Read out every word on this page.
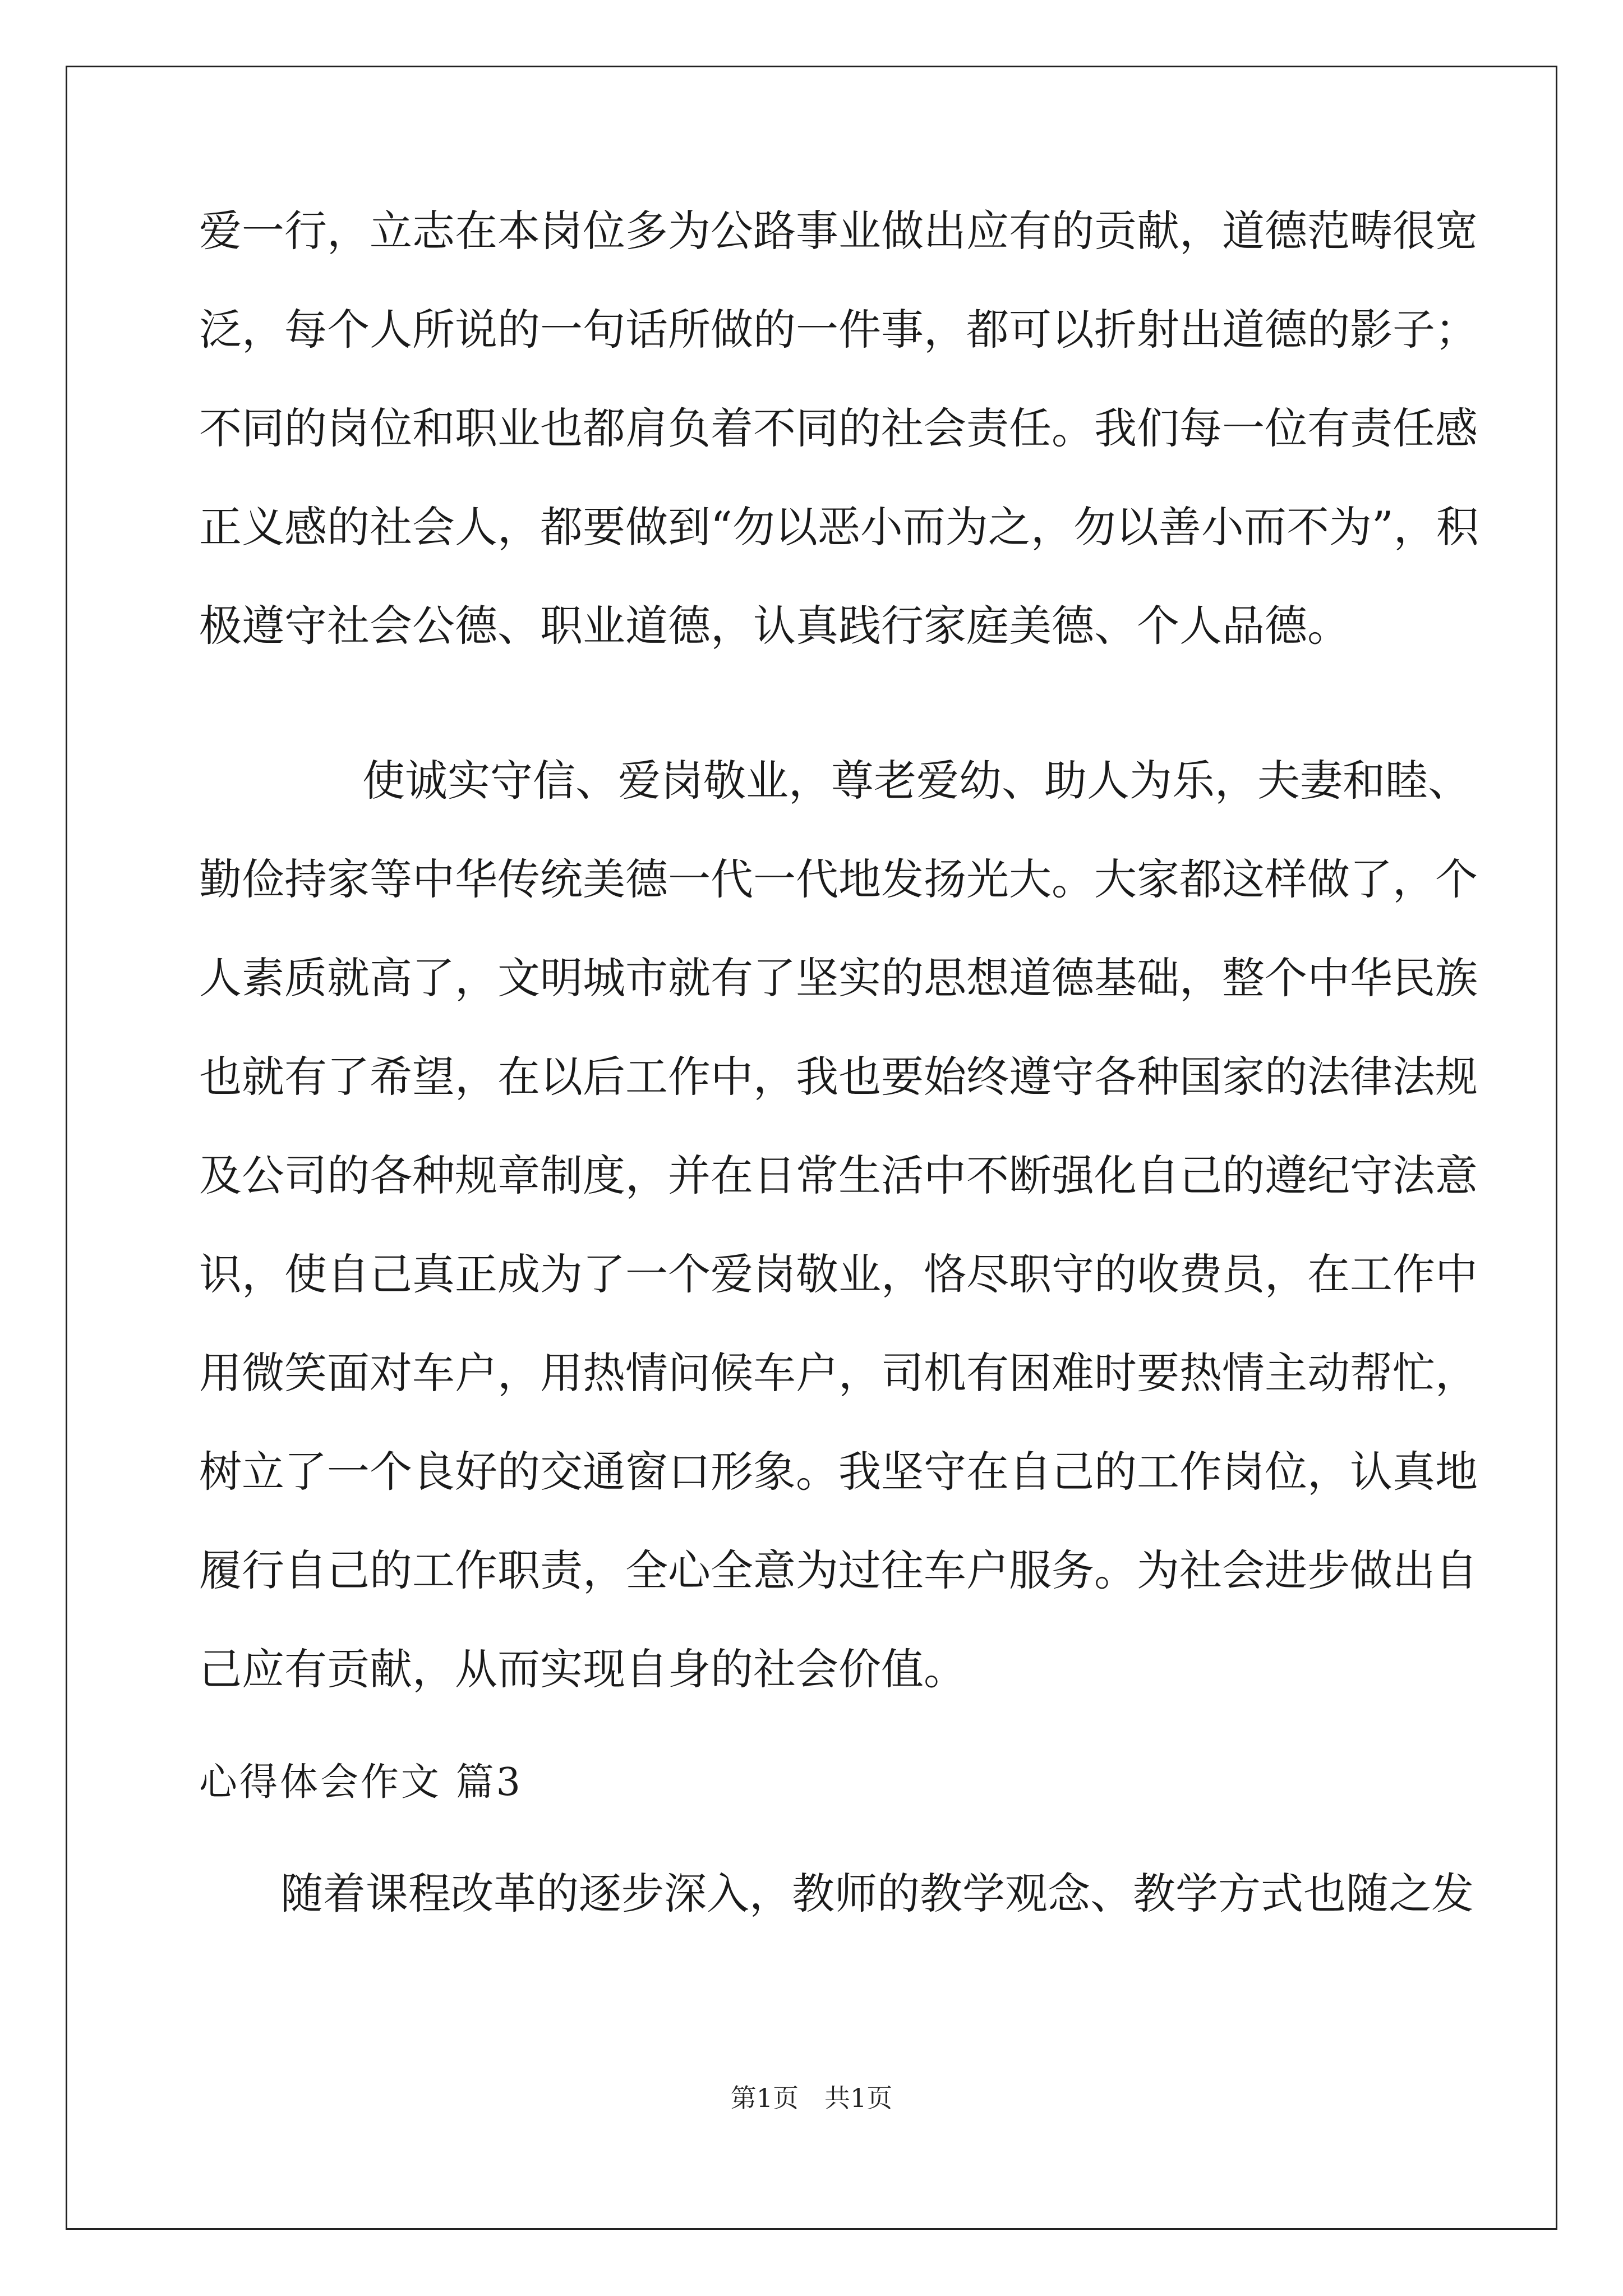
爱一行，立志在本岗位多为公路事业做出应有的贡献，道德范畴很宽
泛，每个人所说的一句话所做的一件事，都可以折射出道德的影子；
不同的岗位和职业也都肩负着不同的社会责任。我们每一位有责任感
正义感的社会人，都要做到“勿以恶小而为之，勿以善小而不为”，积
极遵守社会公德、职业道德，认真践行家庭美德、个人品德。
使诚实守信、爱岗敬业，尊老爱幼、助人为乐，夫妻和睦、
勤俭持家等中华传统美德一代一代地发扬光大。大家都这样做了，个
人素质就高了，文明城市就有了坚实的思想道德基础，整个中华民族
也就有了希望，在以后工作中，我也要始终遵守各种国家的法律法规
及公司的各种规章制度，并在日常生活中不断强化自己的遵纪守法意
识，使自己真正成为了一个爱岗敬业，恪尽职守的收费员，在工作中
用微笑面对车户，用热情问候车户，司机有困难时要热情主动帮忙，
树立了一个良好的交通窗口形象。我坚守在自己的工作岗位，认真地
履行自己的工作职责，全心全意为过往车户服务。为社会进步做出自
己应有贡献，从而实现自身的社会价值。
心得体会作文 篇3
随着课程改革的逐步深入，教师的教学观念、教学方式也随之发
第1页　共1页
